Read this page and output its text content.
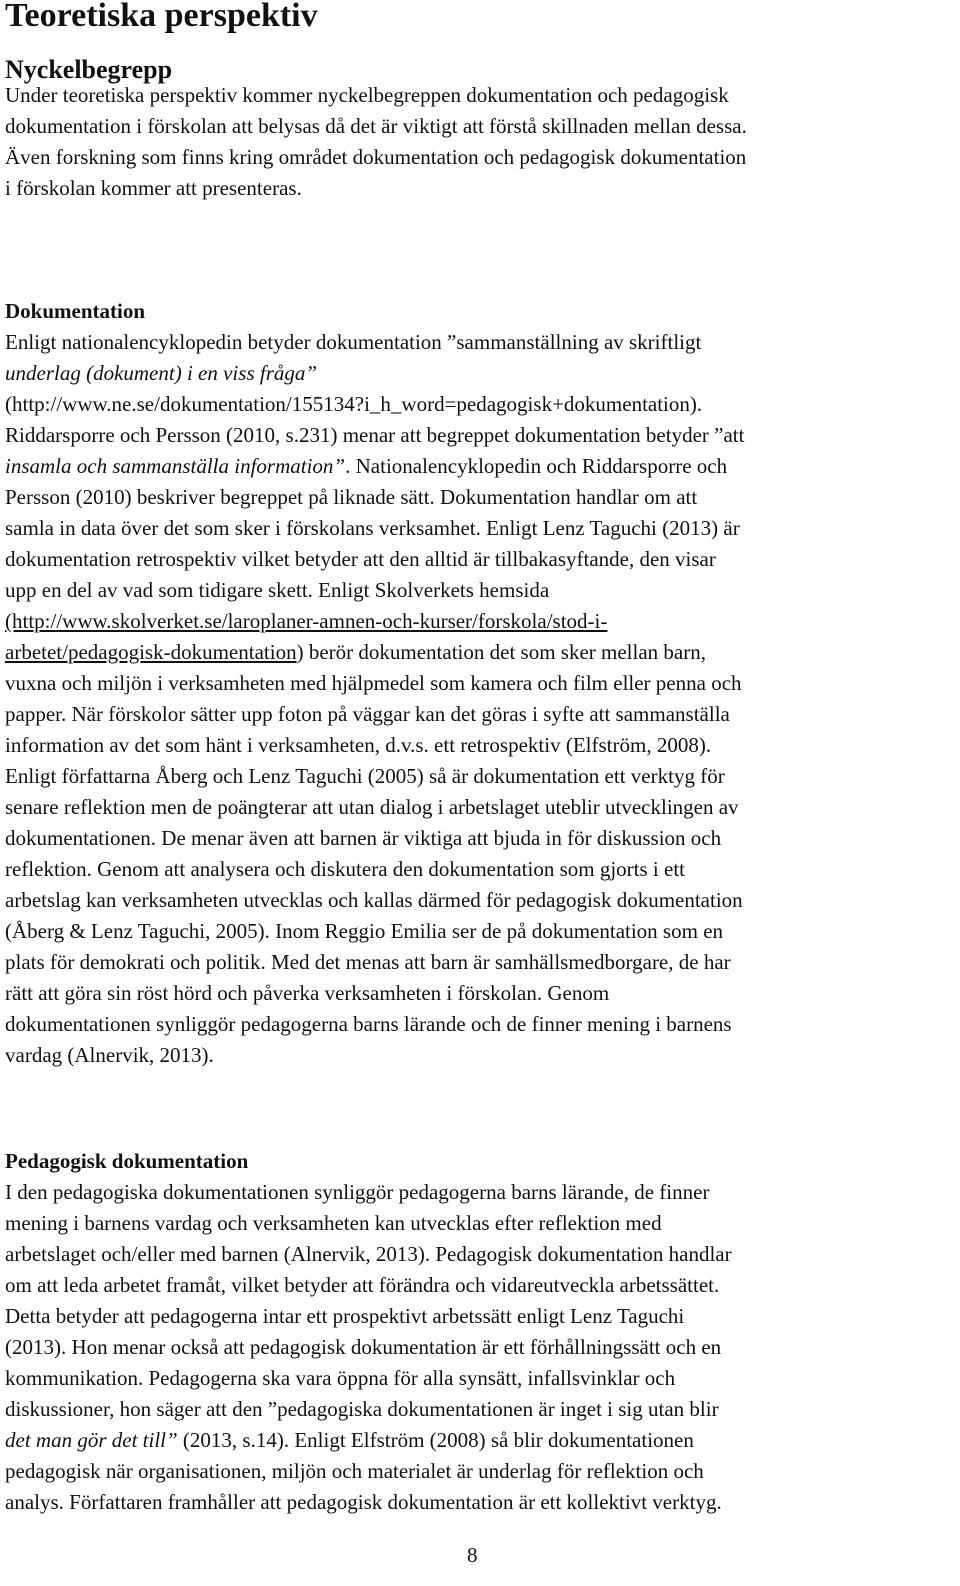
Teoretiska perspektiv
Nyckelbegrepp
Under teoretiska perspektiv kommer nyckelbegreppen dokumentation och pedagogisk
dokumentation i förskolan att belysas då det är viktigt att förstå skillnaden mellan dessa.
Även forskning som finns kring området dokumentation och pedagogisk dokumentation
i förskolan kommer att presenteras.
Dokumentation
Enligt nationalencyklopedin betyder dokumentation ”sammanställning av skriftligt
underlag (dokument) i en viss fråga”
(http://www.ne.se/dokumentation/155134?i_h_word=pedagogisk+dokumentation).
Riddarsporre och Persson (2010, s.231) menar att begreppet dokumentation betyder ”att
insamla och sammanställa information”. Nationalencyklopedin och Riddarsporre och
Persson (2010) beskriver begreppet på liknade sätt. Dokumentation handlar om att
samla in data över det som sker i förskolans verksamhet. Enligt Lenz Taguchi (2013) är
dokumentation retrospektiv vilket betyder att den alltid är tillbakasyftande, den visar
upp en del av vad som tidigare skett. Enligt Skolverkets hemsida
(http://www.skolverket.se/laroplaner-amnen-och-kurser/forskola/stod-i-
arbetet/pedagogisk-dokumentation) berör dokumentation det som sker mellan barn,
vuxna och miljön i verksamheten med hjälpmedel som kamera och film eller penna och
papper. När förskolor sätter upp foton på väggar kan det göras i syfte att sammanställa
information av det som hänt i verksamheten, d.v.s. ett retrospektiv (Elfström, 2008).
Enligt författarna Åberg och Lenz Taguchi (2005) så är dokumentation ett verktyg för
senare reflektion men de poängterar att utan dialog i arbetslaget uteblir utvecklingen av
dokumentationen. De menar även att barnen är viktiga att bjuda in för diskussion och
reflektion. Genom att analysera och diskutera den dokumentation som gjorts i ett
arbetslag kan verksamheten utvecklas och kallas därmed för pedagogisk dokumentation
(Åberg & Lenz Taguchi, 2005). Inom Reggio Emilia ser de på dokumentation som en
plats för demokrati och politik. Med det menas att barn är samhällsmedborgare, de har
rätt att göra sin röst hörd och påverka verksamheten i förskolan. Genom
dokumentationen synliggör pedagogerna barns lärande och de finner mening i barnens
vardag (Alnervik, 2013).
Pedagogisk dokumentation
I den pedagogiska dokumentationen synliggör pedagogerna barns lärande, de finner
mening i barnens vardag och verksamheten kan utvecklas efter reflektion med
arbetslaget och/eller med barnen (Alnervik, 2013). Pedagogisk dokumentation handlar
om att leda arbetet framåt, vilket betyder att förändra och vidareutveckla arbetssättet.
Detta betyder att pedagogerna intar ett prospektivt arbetssätt enligt Lenz Taguchi
(2013). Hon menar också att pedagogisk dokumentation är ett förhållningssätt och en
kommunikation. Pedagogerna ska vara öppna för alla synsätt, infallsvinklar och
diskussioner, hon säger att den ”pedagogiska dokumentationen är inget i sig utan blir
det man gör det till” (2013, s.14). Enligt Elfström (2008) så blir dokumentationen
pedagogisk när organisationen, miljön och materialet är underlag för reflektion och
analys. Författaren framhåller att pedagogisk dokumentation är ett kollektivt verktyg.
8
